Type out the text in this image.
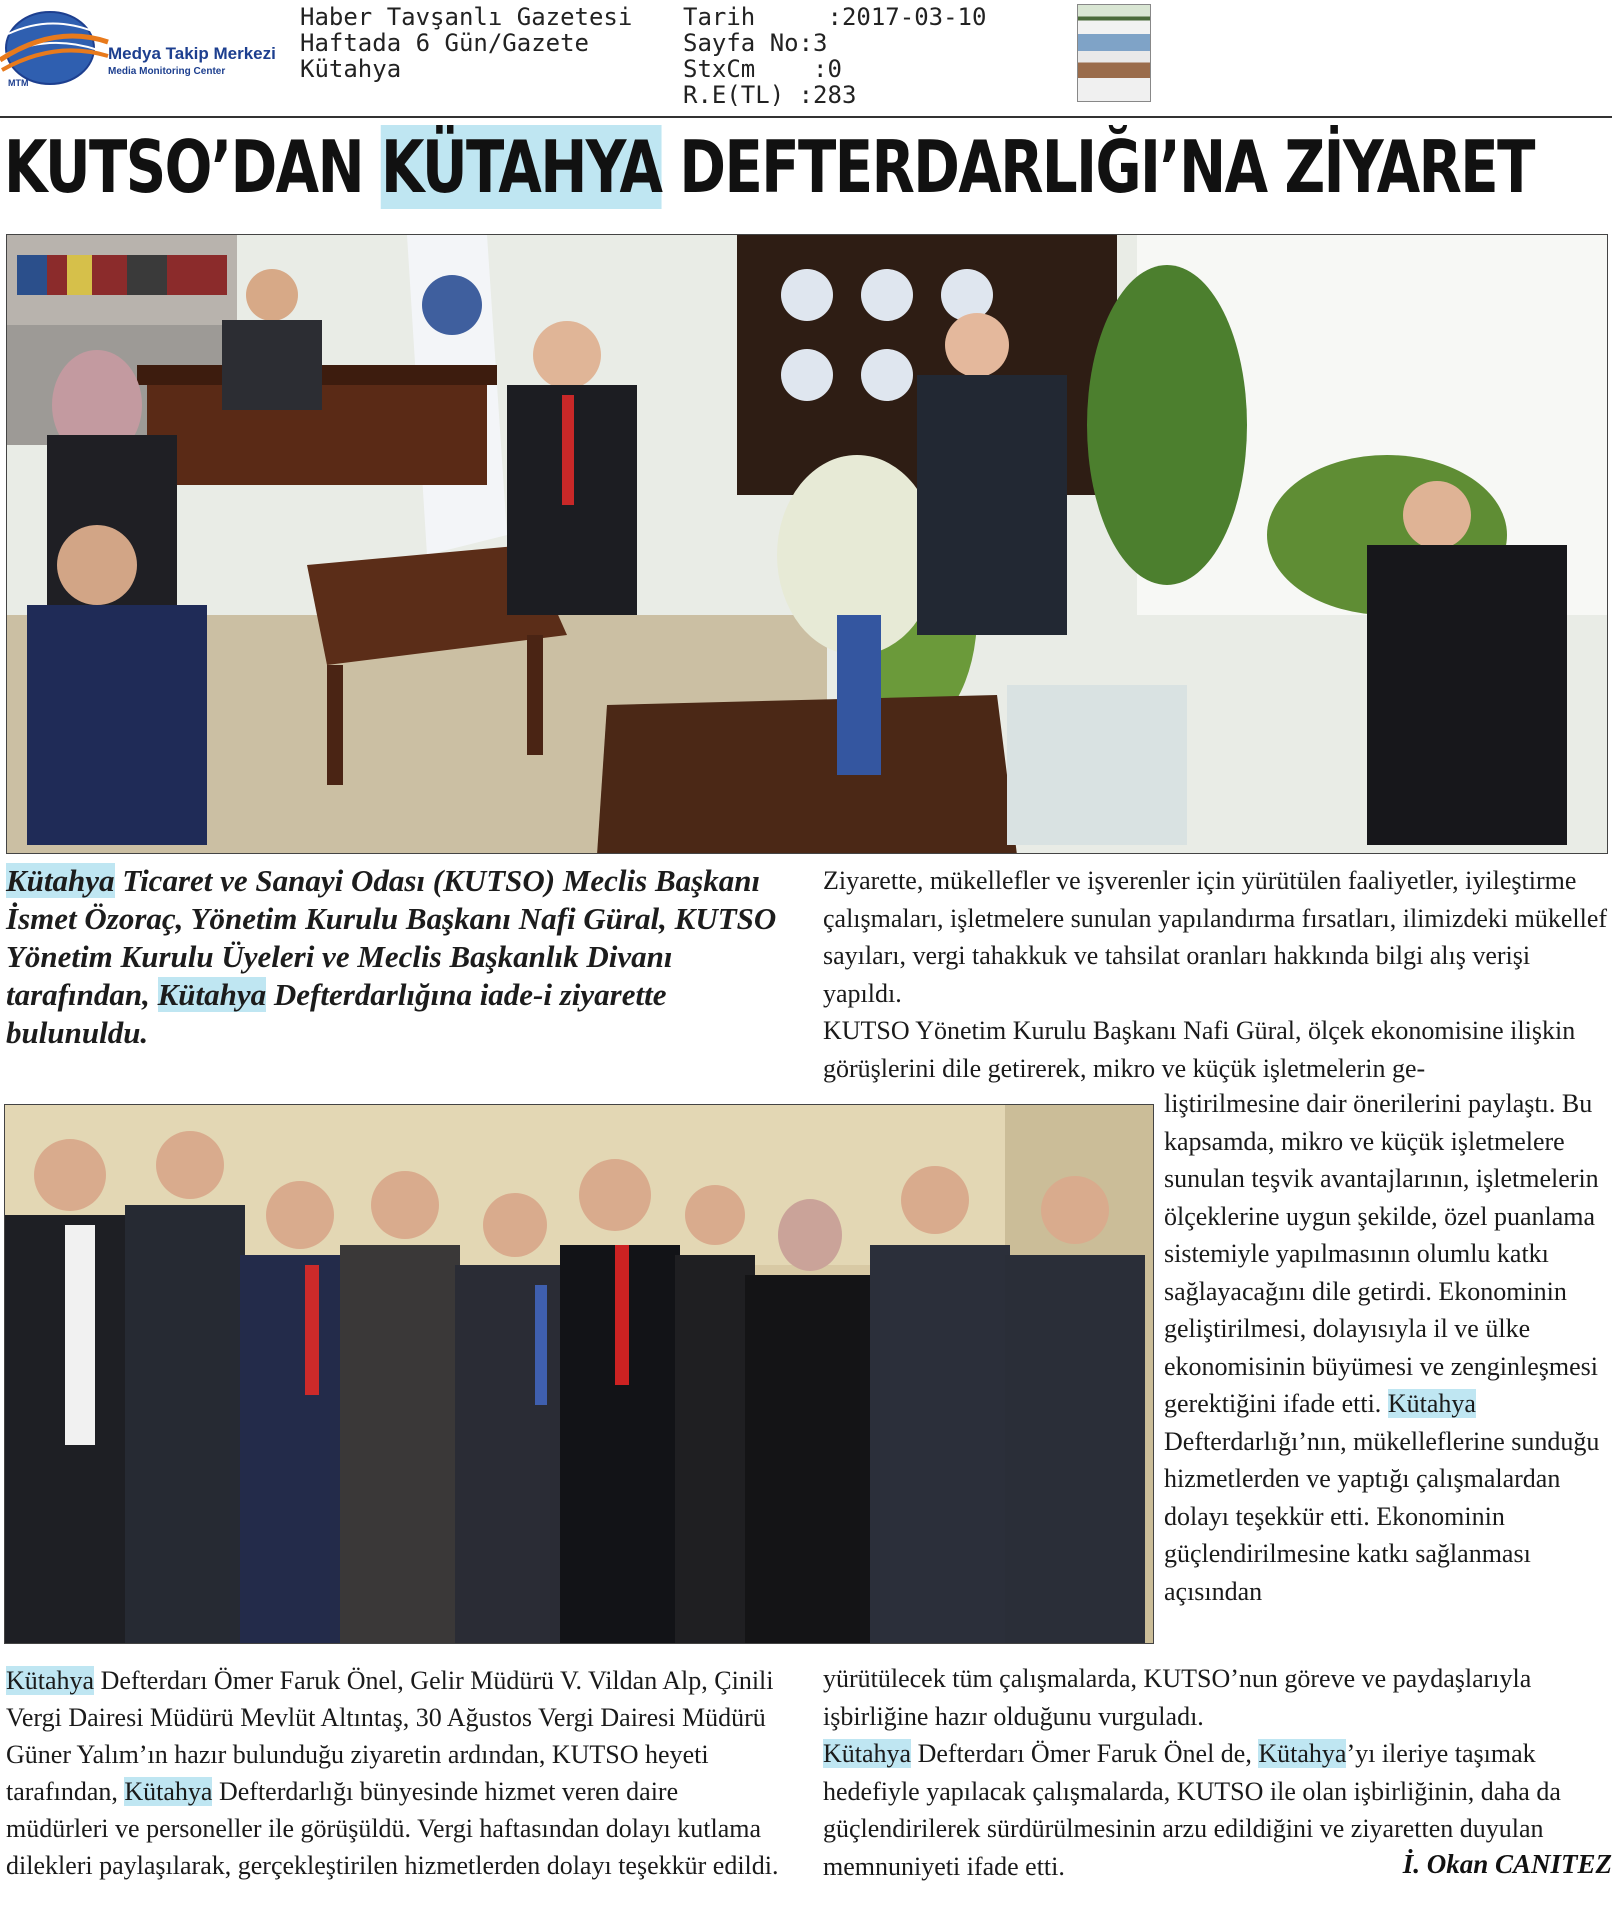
Medya Takip Merkezi
Media Monitoring Center
MTM
Haber Tavşanlı Gazetesi
Haftada 6 Gün/Gazete
Kütahya
Tarih     :2017-03-10
Sayfa No:3
StxCm    :0
R.E(TL) :283
KUTSO’DAN KÜTAHYA DEFTERDARLIĞI’NA ZİYARET
Kütahya Ticaret ve Sanayi Odası (KUTSO) Meclis Başkanı İsmet Özoraç, Yönetim Kurulu Başkanı Nafi Güral, KUTSO Yönetim Kurulu Üyeleri ve Meclis Başkanlık Divanı tarafından, Kütahya Defterdarlığına iade-i ziyarette bulunuldu.
Kütahya Defterdarı Ömer Faruk Önel, Gelir Müdürü V. Vildan Alp, Çinili Vergi Dairesi Müdürü Mevlüt Altıntaş, 30 Ağustos Vergi Dairesi Müdürü Güner Yalım’ın hazır bulunduğu ziyaretin ardından, KUTSO heyeti tarafından, Kütahya Defterdarlığı bünyesinde hizmet veren daire müdürleri ve personeller ile görüşüldü. Vergi haftasından dolayı kutlama dilekleri paylaşılarak, gerçekleştirilen hizmetlerden dolayı teşekkür edildi.

Ziyarette, mükellefler ve işverenler için yürütülen faaliyetler, iyileştirme çalışmaları, işletmelere sunulan yapılandırma fırsatları, ilimizdeki mükellef sayıları, vergi tahakkuk ve tahsilat oranları hakkında bilgi alış verişi yapıldı.

KUTSO Yönetim Kurulu Başkanı Nafi Güral, ölçek ekonomisine ilişkin görüşlerini dile getirerek, mikro ve küçük işletmelerin ge-

liştirilmesine dair önerilerini paylaştı. Bu kapsamda, mikro ve küçük işletmelere sunulan teşvik avantajlarının, işletmelerin ölçeklerine uygun şekilde, özel puanlama sistemiyle yapılmasının olumlu katkı sağlayacağını dile getirdi. Ekonominin geliştirilmesi, dolayısıyla il ve ülke ekonomisinin büyümesi ve zenginleşmesi gerektiğini ifade etti. Kütahya Defterdarlığı’nın, mükelleflerine sunduğu hizmetlerden ve yaptığı çalışmalardan dolayı teşekkür etti. Ekonominin güçlendirilmesine katkı sağlanması açısından

yürütülecek tüm çalışmalarda, KUTSO’nun göreve ve paydaşlarıyla işbirliğine hazır olduğunu vurguladı.

Kütahya Defterdarı Ömer Faruk Önel de, Kütahya’yı ileriye taşımak hedefiyle yapılacak çalışmalarda, KUTSO ile olan işbirliğinin, daha da güçlendirilerek sürdürülmesinin arzu edildiğini ve ziyaretten duyulan memnuniyeti ifade etti.	İ. Okan CANITEZ
